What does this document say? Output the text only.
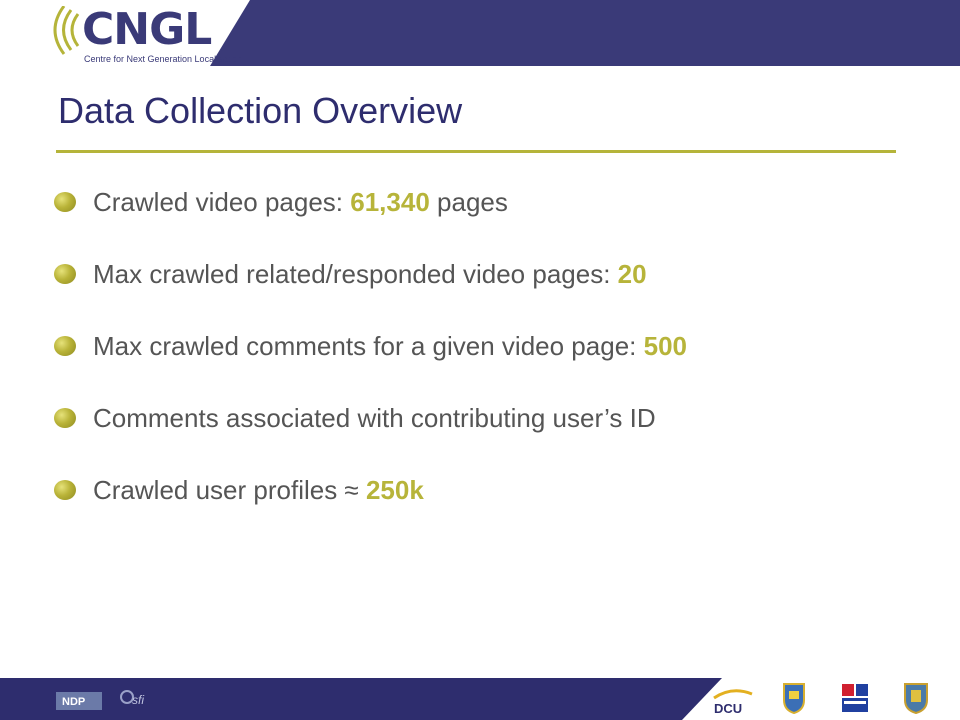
CNGL
Centre for Next Generation Localisation
Data Collection Overview
Crawled video pages: 61,340 pages
Max crawled related/responded video pages: 20
Max crawled comments for a given video page: 500
Comments associated with contributing user’s ID
Crawled user profiles ≈ 250k
NDP	sfi
DCU
